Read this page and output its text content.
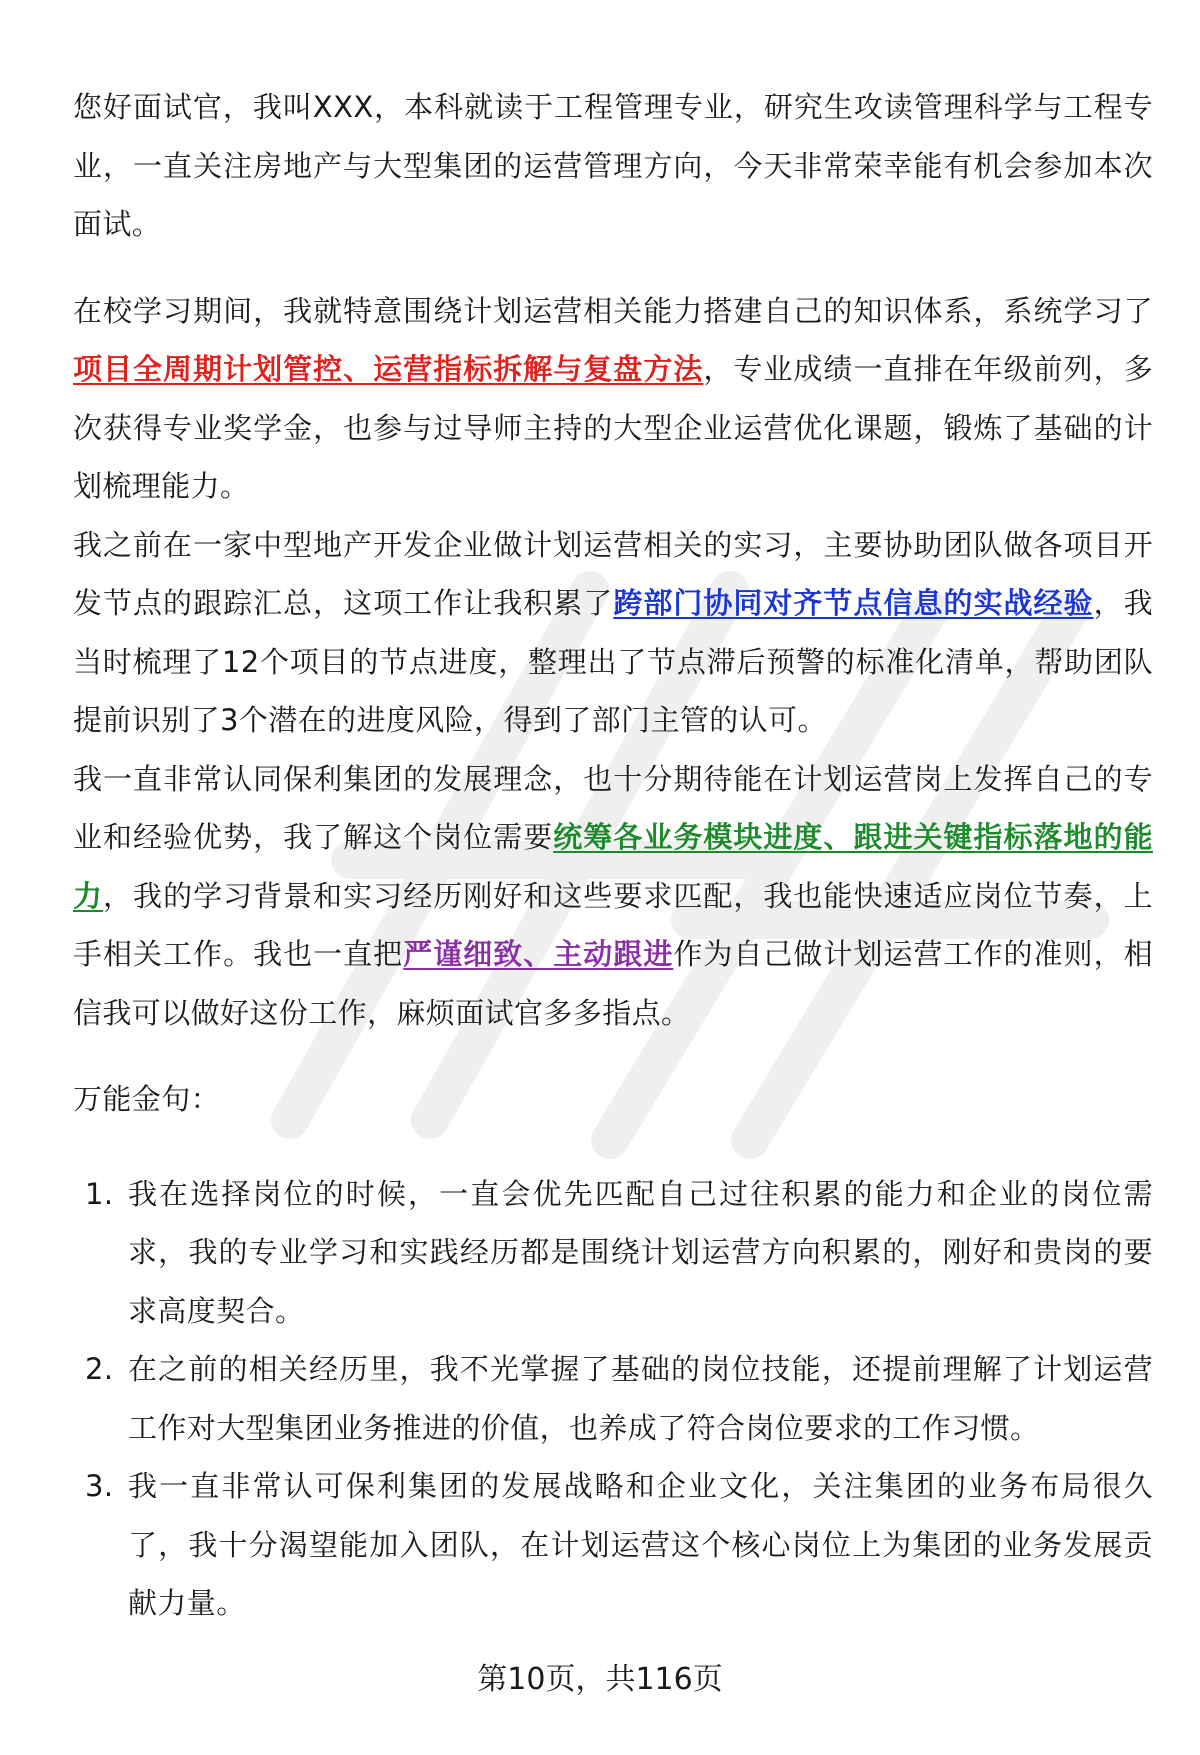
您好面试官，我叫XXX，本科就读于工程管理专业，研究生攻读管理科学与工程专业，一直关注房地产与大型集团的运营管理方向，今天非常荣幸能有机会参加本次面试。

在校学习期间，我就特意围绕计划运营相关能力搭建自己的知识体系，系统学习了项目全周期计划管控、运营指标拆解与复盘方法，专业成绩一直排在年级前列，多次获得专业奖学金，也参与过导师主持的大型企业运营优化课题，锻炼了基础的计划梳理能力。

我之前在一家中型地产开发企业做计划运营相关的实习，主要协助团队做各项目开发节点的跟踪汇总，这项工作让我积累了跨部门协同对齐节点信息的实战经验，我当时梳理了12个项目的节点进度，整理出了节点滞后预警的标准化清单，帮助团队提前识别了3个潜在的进度风险，得到了部门主管的认可。

我一直非常认同保利集团的发展理念，也十分期待能在计划运营岗上发挥自己的专业和经验优势，我了解这个岗位需要统筹各业务模块进度、跟进关键指标落地的能力，我的学习背景和实习经历刚好和这些要求匹配，我也能快速适应岗位节奏，上手相关工作。我也一直把严谨细致、主动跟进作为自己做计划运营工作的准则，相信我可以做好这份工作，麻烦面试官多多指点。

万能金句：

1. 我在选择岗位的时候，一直会优先匹配自己过往积累的能力和企业的岗位需求，我的专业学习和实践经历都是围绕计划运营方向积累的，刚好和贵岗的要求高度契合。
2. 在之前的相关经历里，我不光掌握了基础的岗位技能，还提前理解了计划运营工作对大型集团业务推进的价值，也养成了符合岗位要求的工作习惯。
3. 我一直非常认可保利集团的发展战略和企业文化，关注集团的业务布局很久了，我十分渴望能加入团队，在计划运营这个核心岗位上为集团的业务发展贡献力量。
第10页，共116页
